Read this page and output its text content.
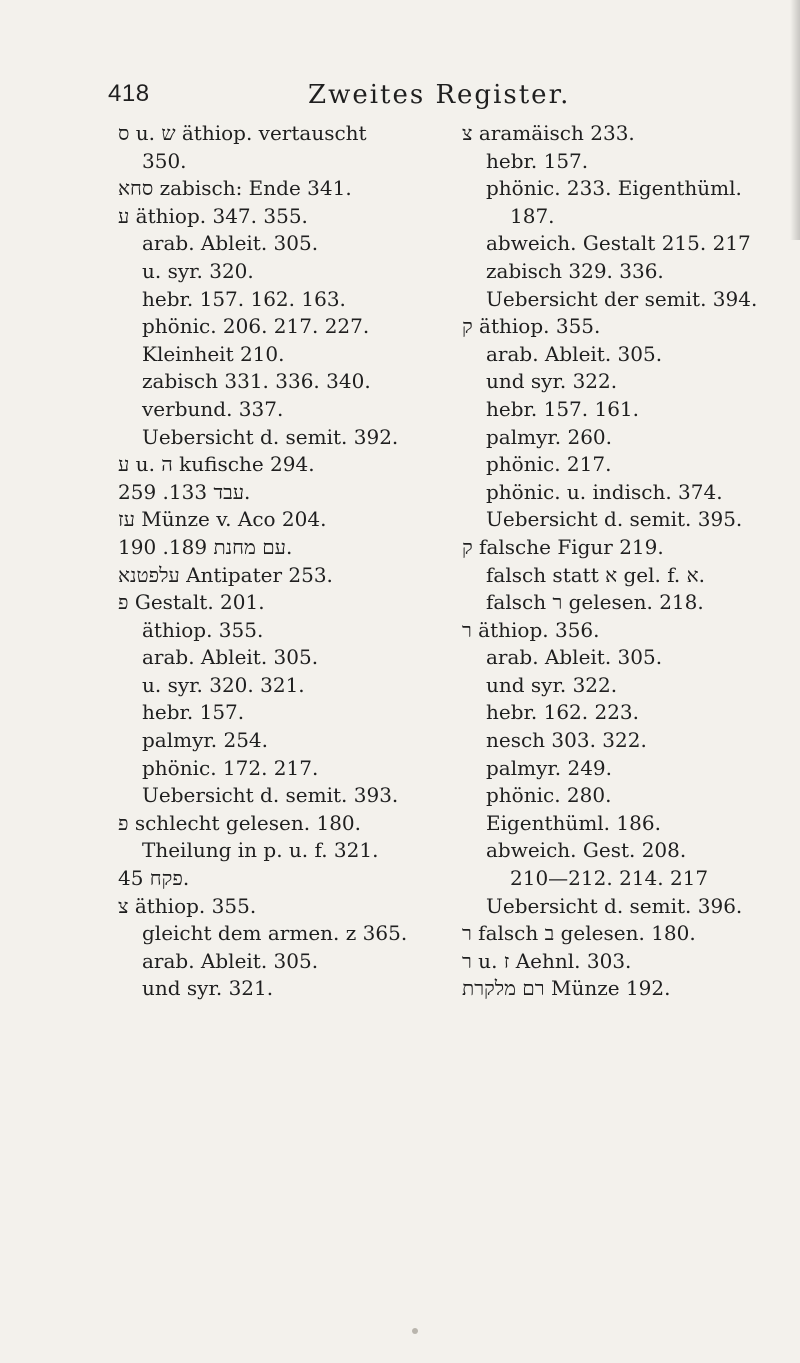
418	Zweites Register.
ס u. ש äthiop. vertauscht
350.
סחא zabisch: Ende 341.
ע äthiop. 347. 355.
arab. Ableit. 305.
u. syr. 320.
hebr. 157. 162. 163.
phönic. 206. 217. 227.
Kleinheit 210.
zabisch 331. 336. 340.
verbund. 337.
Uebersicht d. semit. 392.
ע u. ה kufische 294.
עבד 133. 259.
עז Münze v. Aco 204.
עם מחנת 189. 190.
עלפטנא Antipater 253.
פ Gestalt. 201.
äthiop. 355.
arab. Ableit. 305.
u. syr. 320. 321.
hebr. 157.
palmyr. 254.
phönic. 172. 217.
Uebersicht d. semit. 393.
פ schlecht gelesen. 180.
Theilung in p. u. f. 321.
פקח 45.
צ äthiop. 355.
gleicht dem armen. z 365.
arab. Ableit. 305.
und syr. 321.
צ aramäisch 233.
hebr. 157.
phönic. 233. Eigenthüml.
187.
abweich. Gestalt 215. 217
zabisch 329. 336.
Uebersicht der semit. 394.
ק äthiop. 355.
arab. Ableit. 305.
und syr. 322.
hebr. 157. 161.
palmyr. 260.
phönic. 217.
phönic. u. indisch. 374.
Uebersicht d. semit. 395.
ק falsche Figur 219.
falsch statt א gel. f. א.
falsch ר gelesen. 218.
ר äthiop. 356.
arab. Ableit. 305.
und syr. 322.
hebr. 162. 223.
nesch 303. 322.
palmyr. 249.
phönic. 280.
Eigenthüml. 186.
abweich. Gest. 208.
210—212. 214. 217
Uebersicht d. semit. 396.
ר falsch ב gelesen. 180.
ר u. ז Aehnl. 303.
רם מלקרת Münze 192.
